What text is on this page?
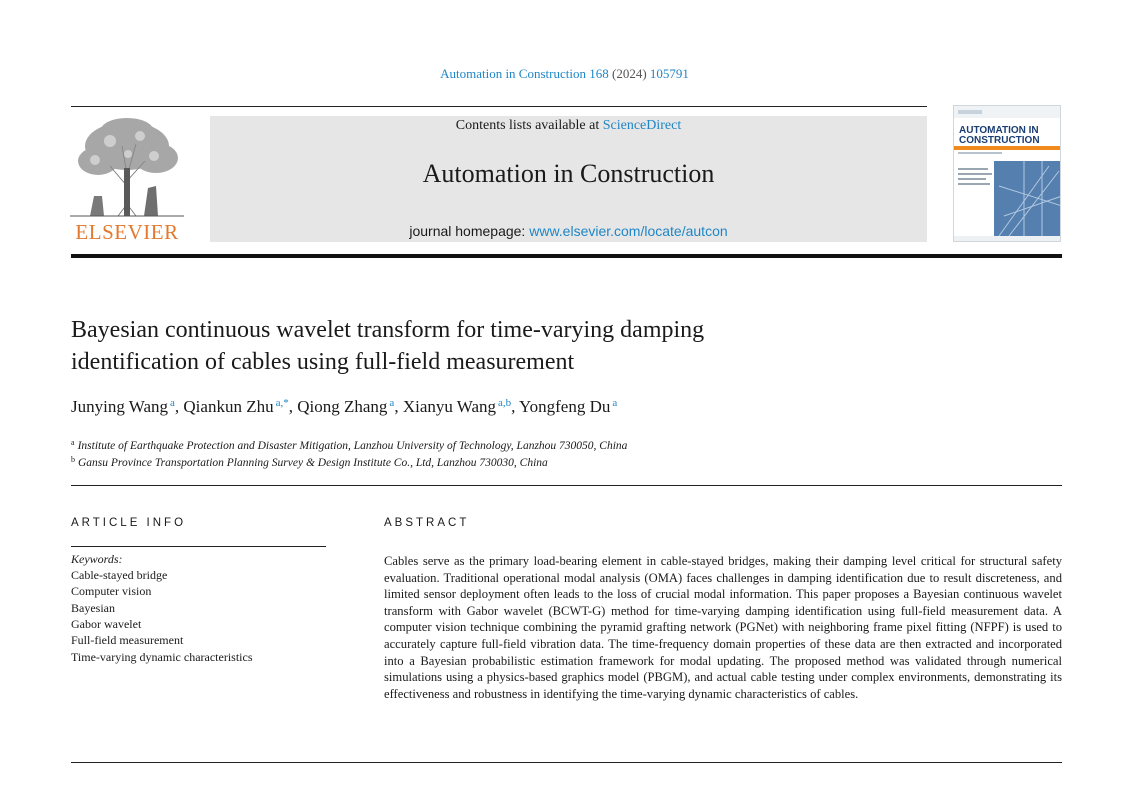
Automation in Construction 168 (2024) 105791
ELSEVIER
Contents lists available at ScienceDirect
Automation in Construction
journal homepage: www.elsevier.com/locate/autcon
AUTOMATION IN
CONSTRUCTION
Bayesian continuous wavelet transform for time-varying damping
identification of cables using full-field measurement
Junying Wang $^a$, Qiankun Zhu $^{a,*}$, Qiong Zhang $^a$, Xianyu Wang $^{a,b}$, Yongfeng Du $^a$
$^a$ Institute of Earthquake Protection and Disaster Mitigation, Lanzhou University of Technology, Lanzhou 730050, China
$^b$ Gansu Province Transportation Planning Survey & Design Institute Co., Ltd, Lanzhou 730030, China
ARTICLE INFO
Keywords:
Cable-stayed bridge
Computer vision
Bayesian
Gabor wavelet
Full-field measurement
Time-varying dynamic characteristics
ABSTRACT
Cables serve as the primary load-bearing element in cable-stayed bridges, making their damping level critical for structural safety evaluation. Traditional operational modal analysis (OMA) faces challenges in damping identification due to result discreteness, and limited sensor deployment often leads to the loss of crucial modal information. This paper proposes a Bayesian continuous wavelet transform with Gabor wavelet (BCWT-G) method for time-varying damping identification using full-field measurement data. A computer vision technique combining the pyramid grafting network (PGNet) with neighboring frame pixel fitting (NFPF) is used to accurately capture full-field vibration data. The time-frequency domain properties of these data are then extracted and incorporated into a Bayesian probabilistic estimation framework for modal updating. The proposed method was validated through numerical simulations using a physics-based graphics model (PBGM), and actual cable testing under complex environments, demonstrating its effectiveness and robustness in identifying the time-varying dynamic characteristics of cables.
